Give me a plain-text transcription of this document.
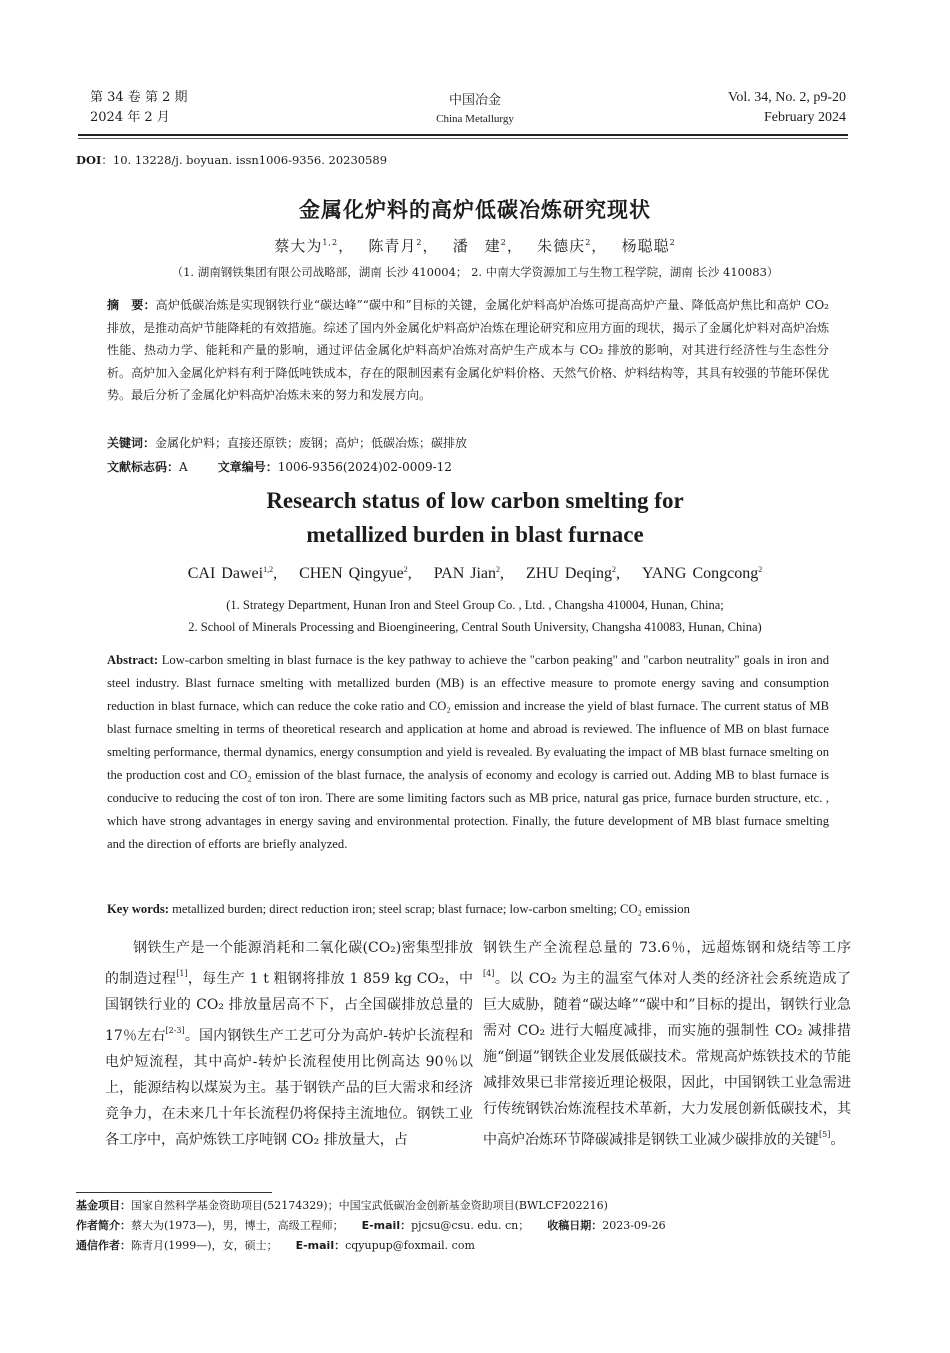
第 34 卷 第 2 期
2024 年 2 月
中国冶金
China Metallurgy
Vol. 34, No. 2, p9-20
February 2024
DOI：10. 13228/j. boyuan. issn1006-9356. 20230589
金属化炉料的高炉低碳冶炼研究现状
蔡大为$^{1,2}$，　 陈青月$^2$，　 潘　建$^2$，　 朱德庆$^2$，　 杨聪聪$^2$
（1. 湖南钢铁集团有限公司战略部，湖南 长沙 410004； 2. 中南大学资源加工与生物工程学院，湖南 长沙 410083）
摘　要：高炉低碳冶炼是实现钢铁行业“碳达峰”“碳中和”目标的关键，金属化炉料高炉冶炼可提高高炉产量、降低高炉焦比和高炉 CO₂ 排放，是推动高炉节能降耗的有效措施。综述了国内外金属化炉料高炉冶炼在理论研究和应用方面的现状，揭示了金属化炉料对高炉冶炼性能、热动力学、能耗和产量的影响，通过评估金属化炉料高炉冶炼对高炉生产成本与 CO₂ 排放的影响，对其进行经济性与生态性分析。高炉加入金属化炉料有利于降低吨铁成本，存在的限制因素有金属化炉料价格、天然气价格、炉料结构等，其具有较强的节能环保优势。最后分析了金属化炉料高炉冶炼未来的努力和发展方向。
关键词：金属化炉料；直接还原铁；废钢；高炉；低碳冶炼；碳排放
文献标志码：A	文章编号：1006-9356(2024)02-0009-12
Research status of low carbon smelting for
metallized burden in blast furnace
CAI Dawei$^{1,2}$, CHEN Qingyue$^2$, PAN Jian$^2$, ZHU Deqing$^2$, YANG Congcong$^2$
(1. Strategy Department, Hunan Iron and Steel Group Co. , Ltd. , Changsha 410004, Hunan, China;
2. School of Minerals Processing and Bioengineering, Central South University, Changsha 410083, Hunan, China)
Abstract: Low-carbon smelting in blast furnace is the key pathway to achieve the "carbon peaking" and "carbon neutrality" goals in iron and steel industry. Blast furnace smelting with metallized burden (MB) is an effective measure to promote energy saving and consumption reduction in blast furnace, which can reduce the coke ratio and CO₂ emission and increase the yield of blast furnace. The current status of MB blast furnace smelting in terms of theoretical research and application at home and abroad is reviewed. The influence of MB on blast furnace smelting performance, thermal dynamics, energy consumption and yield is revealed. By evaluating the impact of MB blast furnace smelting on the production cost and CO₂ emission of the blast furnace, the analysis of economy and ecology is carried out. Adding MB to blast furnace is conducive to reducing the cost of ton iron. There are some limiting factors such as MB price, natural gas price, furnace burden structure, etc. , which have strong advantages in energy saving and environmental protection. Finally, the future development of MB blast furnace smelting and the direction of efforts are briefly analyzed.
Key words: metallized burden; direct reduction iron; steel scrap; blast furnace; low-carbon smelting; CO₂ emission
钢铁生产是一个能源消耗和二氧化碳(CO₂)密集型排放的制造过程[1]，每生产 1 t 粗钢将排放 1 859 kg CO₂，中国钢铁行业的 CO₂ 排放量居高不下，占全国碳排放总量的 17％左右[2-3]。国内钢铁生产工艺可分为高炉-转炉长流程和电炉短流程，其中高炉-转炉长流程使用比例高达 90％以上，能源结构以煤炭为主。基于钢铁产品的巨大需求和经济竞争力，在未来几十年长流程仍将保持主流地位。钢铁工业各工序中，高炉炼铁工序吨钢 CO₂ 排放量大，占
钢铁生产全流程总量的 73.6％，远超炼钢和烧结等工序[4]。以 CO₂ 为主的温室气体对人类的经济社会系统造成了巨大威胁，随着“碳达峰”“碳中和”目标的提出，钢铁行业急需对 CO₂ 进行大幅度减排，而实施的强制性 CO₂ 减排措施“倒逼”钢铁企业发展低碳技术。常规高炉炼铁技术的节能减排效果已非常接近理论极限，因此，中国钢铁工业急需进行传统钢铁冶炼流程技术革新，大力发展创新低碳技术，其中高炉冶炼环节降碳减排是钢铁工业减少碳排放的关键[5]。
基金项目：国家自然科学基金资助项目(52174329)；中国宝武低碳冶金创新基金资助项目(BWLCF202216)
作者简介：蔡大为(1973—)，男，博士，高级工程师； E-mail：pjcsu@csu. edu. cn； 收稿日期：2023-09-26
通信作者：陈青月(1999—)，女，硕士； E-mail：cqyupup@foxmail. com
